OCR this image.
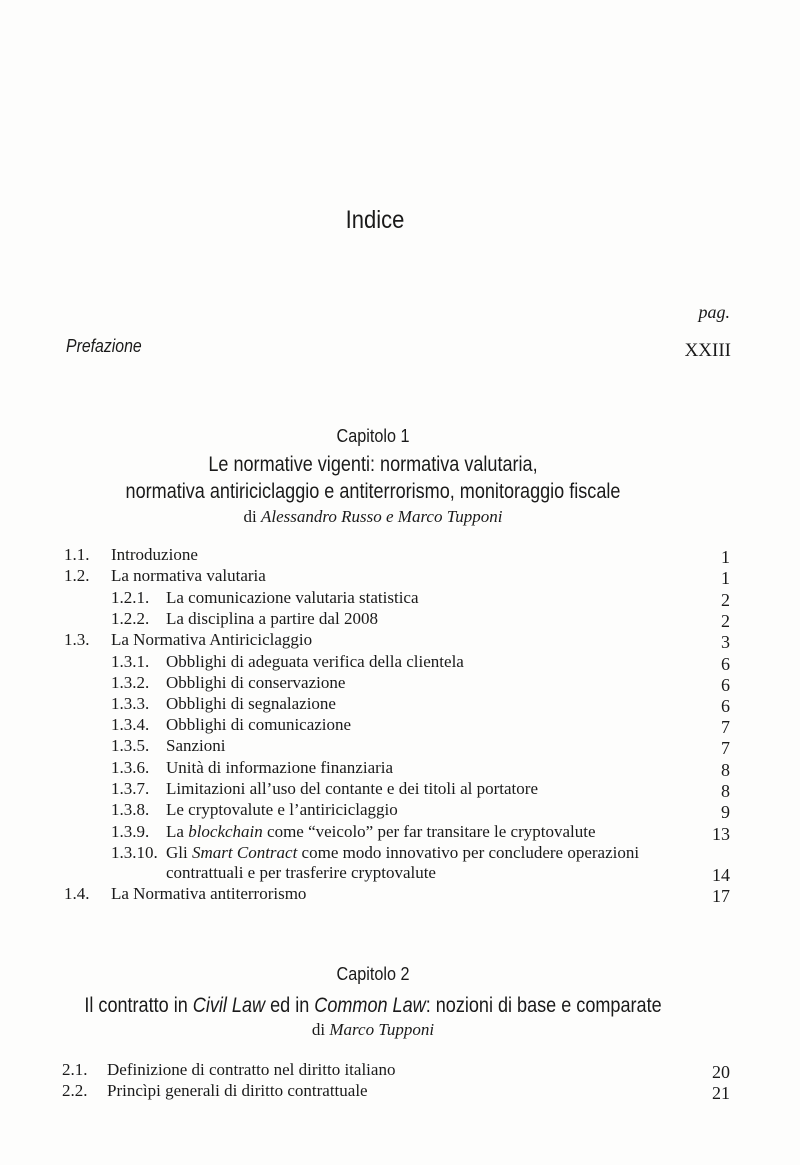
Indice
pag.
Prefazione	XXIII
Capitolo 1
Le normative vigenti: normativa valutaria,
normativa antiriciclaggio e antiterrorismo, monitoraggio fiscale
di Alessandro Russo e Marco Tupponi
1.1. Introduzione	1
1.2. La normativa valutaria	1
1.2.1. La comunicazione valutaria statistica	2
1.2.2. La disciplina a partire dal 2008	2
1.3. La Normativa Antiriciclaggio	3
1.3.1. Obblighi di adeguata verifica della clientela	6
1.3.2. Obblighi di conservazione	6
1.3.3. Obblighi di segnalazione	6
1.3.4. Obblighi di comunicazione	7
1.3.5. Sanzioni	7
1.3.6. Unità di informazione finanziaria	8
1.3.7. Limitazioni all’uso del contante e dei titoli al portatore	8
1.3.8. Le cryptovalute e l’antiriciclaggio	9
1.3.9. La blockchain come “veicolo” per far transitare le cryptovalute	13
1.3.10. Gli Smart Contract come modo innovativo per concludere operazioni
contrattuali e per trasferire cryptovalute	14
1.4. La Normativa antiterrorismo	17
Capitolo 2
Il contratto in Civil Law ed in Common Law: nozioni di base e comparate
di Marco Tupponi
2.1. Definizione di contratto nel diritto italiano	20
2.2. Princìpi generali di diritto contrattuale	21
